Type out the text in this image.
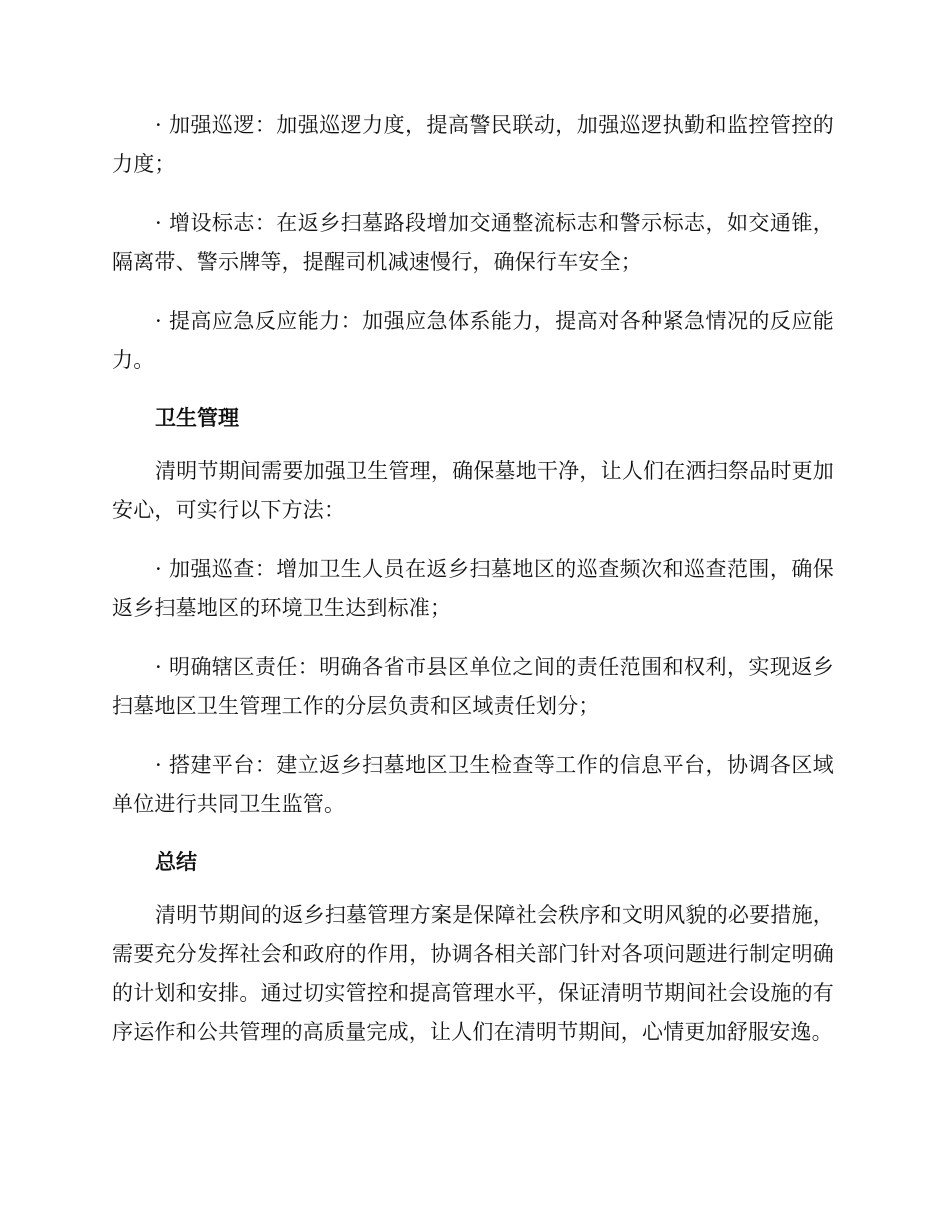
· 加强巡逻：加强巡逻力度，提高警民联动，加强巡逻执勤和监控管控的力度；

· 增设标志：在返乡扫墓路段增加交通整流标志和警示标志，如交通锥，隔离带、警示牌等，提醒司机减速慢行，确保行车安全；

· 提高应急反应能力：加强应急体系能力，提高对各种紧急情况的反应能力。

卫生管理

清明节期间需要加强卫生管理，确保墓地干净，让人们在洒扫祭品时更加安心，可实行以下方法：

· 加强巡查：增加卫生人员在返乡扫墓地区的巡查频次和巡查范围，确保返乡扫墓地区的环境卫生达到标准；

· 明确辖区责任：明确各省市县区单位之间的责任范围和权利，实现返乡扫墓地区卫生管理工作的分层负责和区域责任划分；

· 搭建平台：建立返乡扫墓地区卫生检查等工作的信息平台，协调各区域单位进行共同卫生监管。

总结

清明节期间的返乡扫墓管理方案是保障社会秩序和文明风貌的必要措施，需要充分发挥社会和政府的作用，协调各相关部门针对各项问题进行制定明确的计划和安排。通过切实管控和提高管理水平，保证清明节期间社会设施的有序运作和公共管理的高质量完成，让人们在清明节期间，心情更加舒服安逸。
